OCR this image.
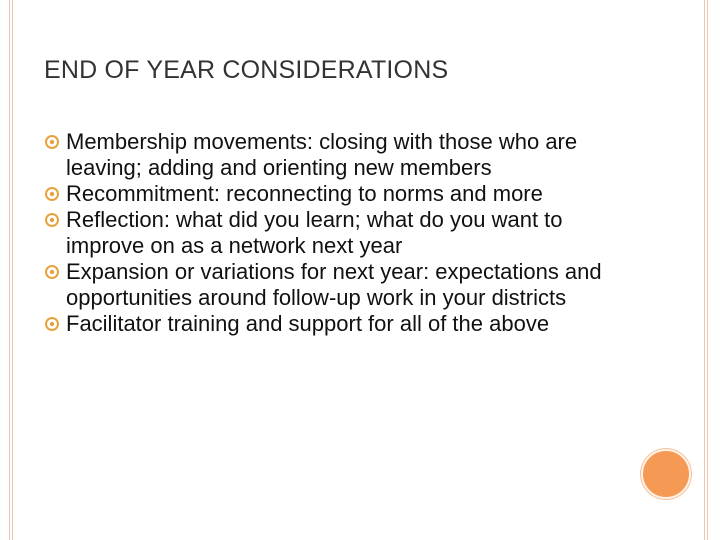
END OF YEAR CONSIDERATIONS
Membership movements: closing with those who are leaving; adding and orienting new members
Recommitment: reconnecting to norms and more
Reflection: what did you learn; what do you want to improve on as a network next year
Expansion or variations for next year: expectations and opportunities around follow-up work in your districts
Facilitator training and support for all of the above
